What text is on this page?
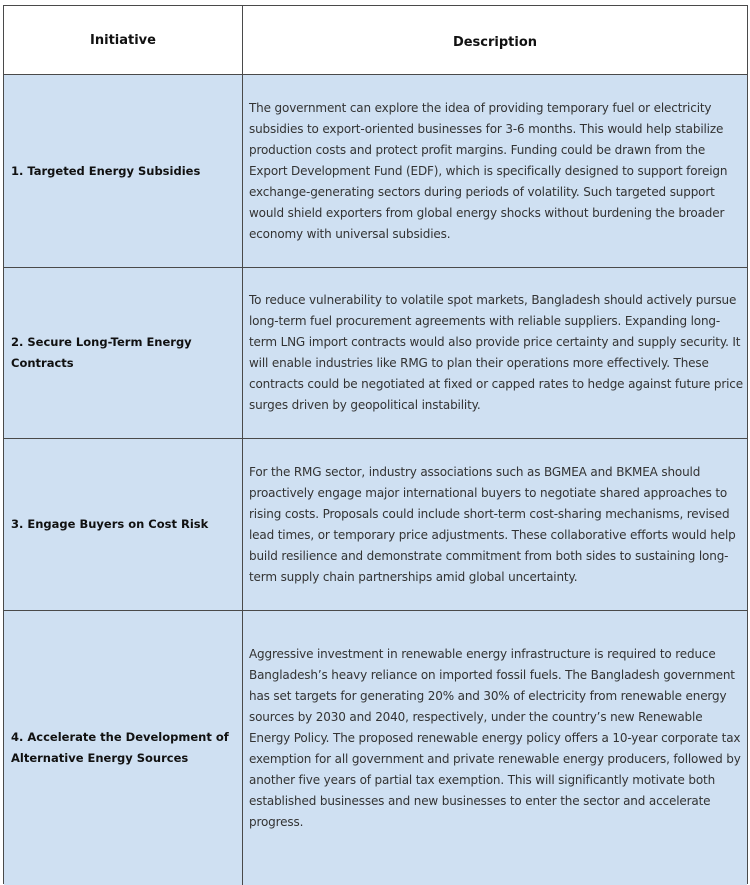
Initiative	Description
1. Targeted Energy Subsidies
The government can explore the idea of providing temporary fuel or electricity subsidies to export-oriented businesses for 3-6 months. This would help stabilize production costs and protect profit margins. Funding could be drawn from the Export Development Fund (EDF), which is specifically designed to support foreign exchange-generating sectors during periods of volatility. Such targeted support would shield exporters from global energy shocks without burdening the broader economy with universal subsidies.
2. Secure Long-Term Energy Contracts
To reduce vulnerability to volatile spot markets, Bangladesh should actively pursue long-term fuel procurement agreements with reliable suppliers. Expanding long-term LNG import contracts would also provide price certainty and supply security. It will enable industries like RMG to plan their operations more effectively. These contracts could be negotiated at fixed or capped rates to hedge against future price surges driven by geopolitical instability.
3. Engage Buyers on Cost Risk
For the RMG sector, industry associations such as BGMEA and BKMEA should proactively engage major international buyers to negotiate shared approaches to rising costs. Proposals could include short-term cost-sharing mechanisms, revised lead times, or temporary price adjustments. These collaborative efforts would help build resilience and demonstrate commitment from both sides to sustaining long-term supply chain partnerships amid global uncertainty.
4. Accelerate the Development of Alternative Energy Sources
Aggressive investment in renewable energy infrastructure is required to reduce Bangladesh’s heavy reliance on imported fossil fuels. The Bangladesh government has set targets for generating 20% and 30% of electricity from renewable energy sources by 2030 and 2040, respectively, under the country’s new Renewable Energy Policy. The proposed renewable energy policy offers a 10-year corporate tax exemption for all government and private renewable energy producers, followed by another five years of partial tax exemption. This will significantly motivate both established businesses and new businesses to enter the sector and accelerate progress.
